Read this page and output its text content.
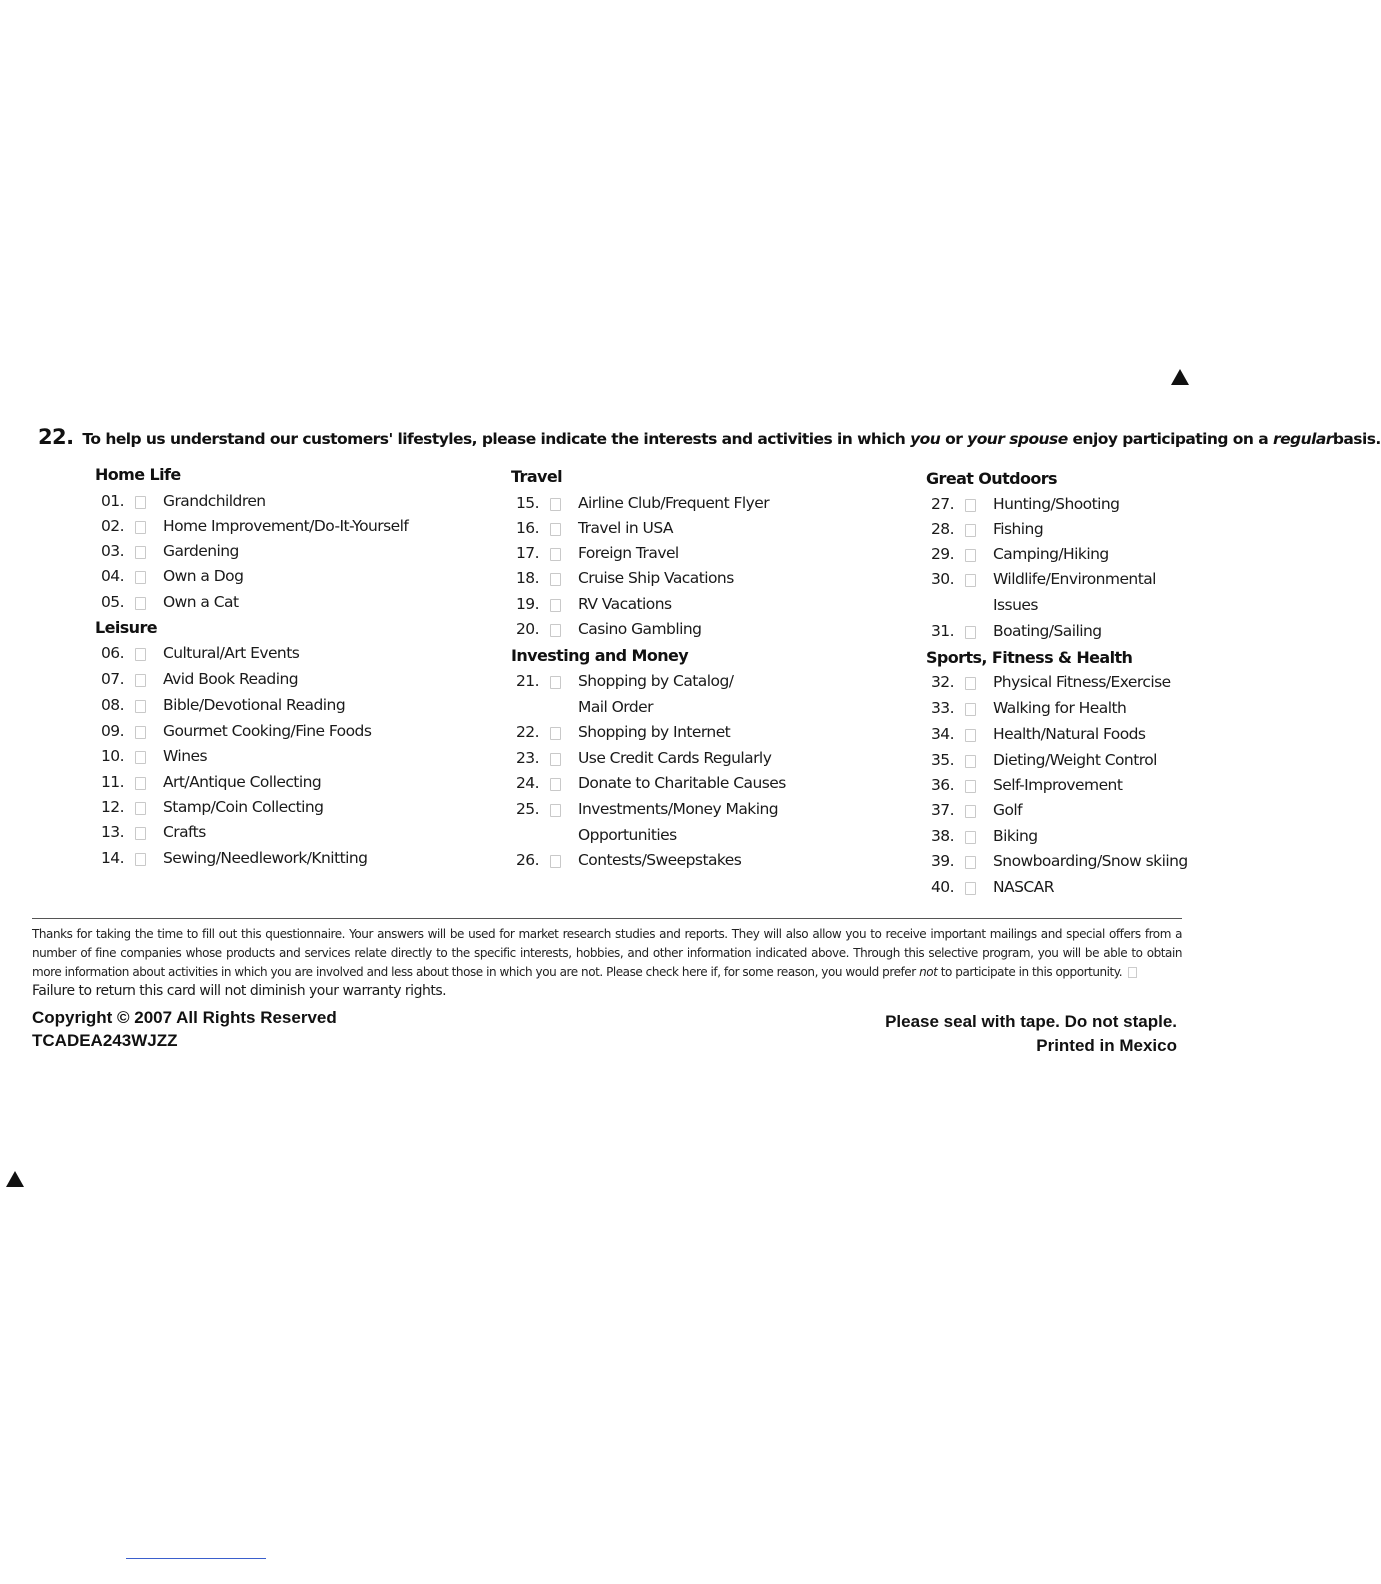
22. To help us understand our customers' lifestyles, please indicate the interests and activities in which you or your spouse enjoy participating on a regularbasis.
Home Life
Leisure
Travel
Investing and Money
Great Outdoors
Sports, Fitness & Health
01.	Grandchildren
02.	Home Improvement/Do-It-Yourself
03.	Gardening
04.	Own a Dog
05.	Own a Cat
06.	Cultural/Art Events
07.	Avid Book Reading
08.	Bible/Devotional Reading
09.	Gourmet Cooking/Fine Foods
10.	Wines
11.	Art/Antique Collecting
12.	Stamp/Coin Collecting
13.	Crafts
14.	Sewing/Needlework/Knitting
15.	Airline Club/Frequent Flyer
16.	Travel in USA
17.	Foreign Travel
18.	Cruise Ship Vacations
19.	RV Vacations
20.	Casino Gambling
21.	Shopping by Catalog/
Mail Order
22.	Shopping by Internet
23.	Use Credit Cards Regularly
24.	Donate to Charitable Causes
25.	Investments/Money Making
Opportunities
26.	Contests/Sweepstakes
27.	Hunting/Shooting
28.	Fishing
29.	Camping/Hiking
30.	Wildlife/Environmental
Issues
31.	Boating/Sailing
32.	Physical Fitness/Exercise
33.	Walking for Health
34.	Health/Natural Foods
35.	Dieting/Weight Control
36.	Self-Improvement
37.	Golf
38.	Biking
39.	Snowboarding/Snow skiing
40.	NASCAR
Thanks for taking the time to fill out this questionnaire. Your answers will be used for market research studies and reports. They will also allow you to receive important mailings and special offers from a number of fine companies whose products and services relate directly to the specific interests, hobbies, and other information indicated above. Through this selective program, you will be able to obtain more information about activities in which you are involved and less about those in which you are not. Please check here if, for some reason, you would prefer not to participate in this opportunity.
Failure to return this card will not diminish your warranty rights.
Copyright © 2007 All Rights Reserved
TCADEA243WJZZ
Please seal with tape. Do not staple.
Printed in Mexico
